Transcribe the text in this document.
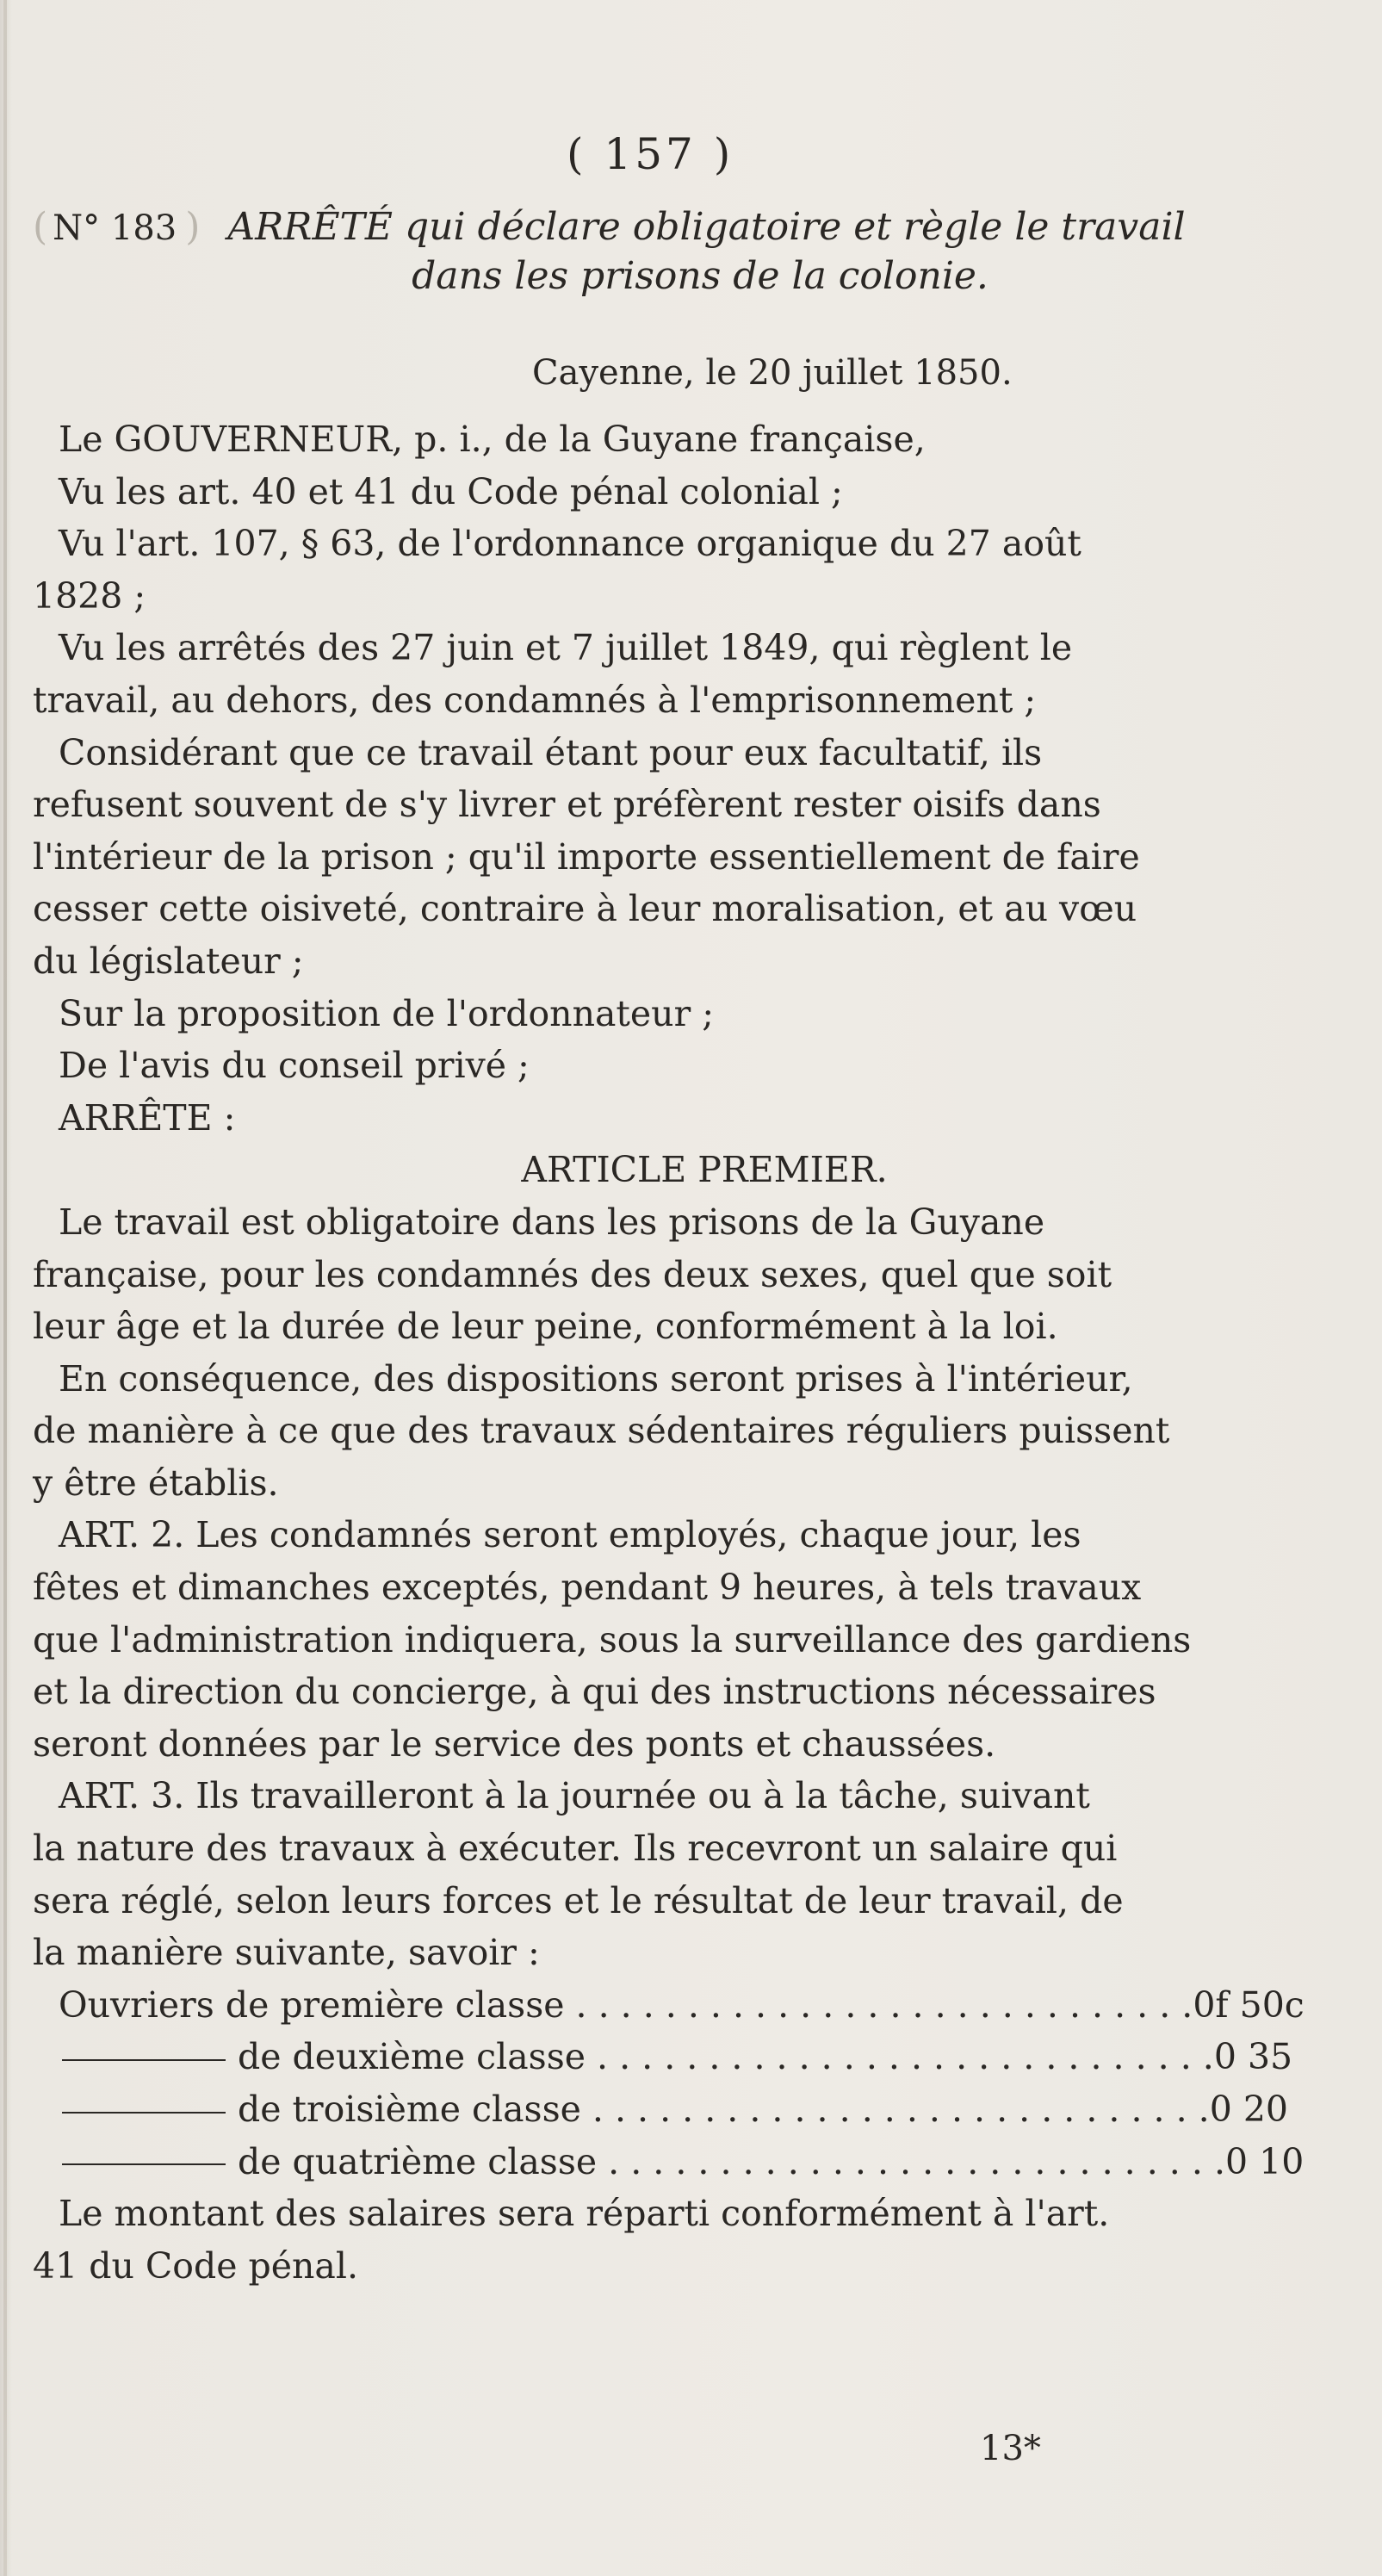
( 157 )
( N° 183 ) ARRÊTÉ qui déclare obligatoire et règle le travail
dans les prisons de la colonie.
Cayenne, le 20 juillet 1850.
Le GOUVERNEUR, p. i., de la Guyane française,
Vu les art. 40 et 41 du Code pénal colonial ;
Vu l'art. 107, § 63, de l'ordonnance organique du 27 août
1828 ;
Vu les arrêtés des 27 juin et 7 juillet 1849, qui règlent le
travail, au dehors, des condamnés à l'emprisonnement ;
Considérant que ce travail étant pour eux facultatif, ils
refusent souvent de s'y livrer et préfèrent rester oisifs dans
l'intérieur de la prison ; qu'il importe essentiellement de faire
cesser cette oisiveté, contraire à leur moralisation, et au vœu
du législateur ;
Sur la proposition de l'ordonnateur ;
De l'avis du conseil privé ;
ARRÊTE :
ARTICLE PREMIER.
Le travail est obligatoire dans les prisons de la Guyane
française, pour les condamnés des deux sexes, quel que soit
leur âge et la durée de leur peine, conformément à la loi.
En conséquence, des dispositions seront prises à l'intérieur,
de manière à ce que des travaux sédentaires réguliers puissent
y être établis.
ART. 2. Les condamnés seront employés, chaque jour, les
fêtes et dimanches exceptés, pendant 9 heures, à tels travaux
que l'administration indiquera, sous la surveillance des gardiens
et la direction du concierge, à qui des instructions nécessaires
seront données par le service des ponts et chaussées.
ART. 3. Ils travailleront à la journée ou à la tâche, suivant
la nature des travaux à exécuter. Ils recevront un salaire qui
sera réglé, selon leurs forces et le résultat de leur travail, de
la manière suivante, savoir :
Ouvriers de première classe . . . . . . . . . . . . . . . . . . . . . . . . . . . . 0f 50c
de deuxième classe . . . . . . . . . . . . . . . . . . . . . . . . . . . . 0 35
de troisième classe . . . . . . . . . . . . . . . . . . . . . . . . . . . . 0 20
de quatrième classe . . . . . . . . . . . . . . . . . . . . . . . . . . . . 0 10
Le montant des salaires sera réparti conformément à l'art.
41 du Code pénal.
13*
